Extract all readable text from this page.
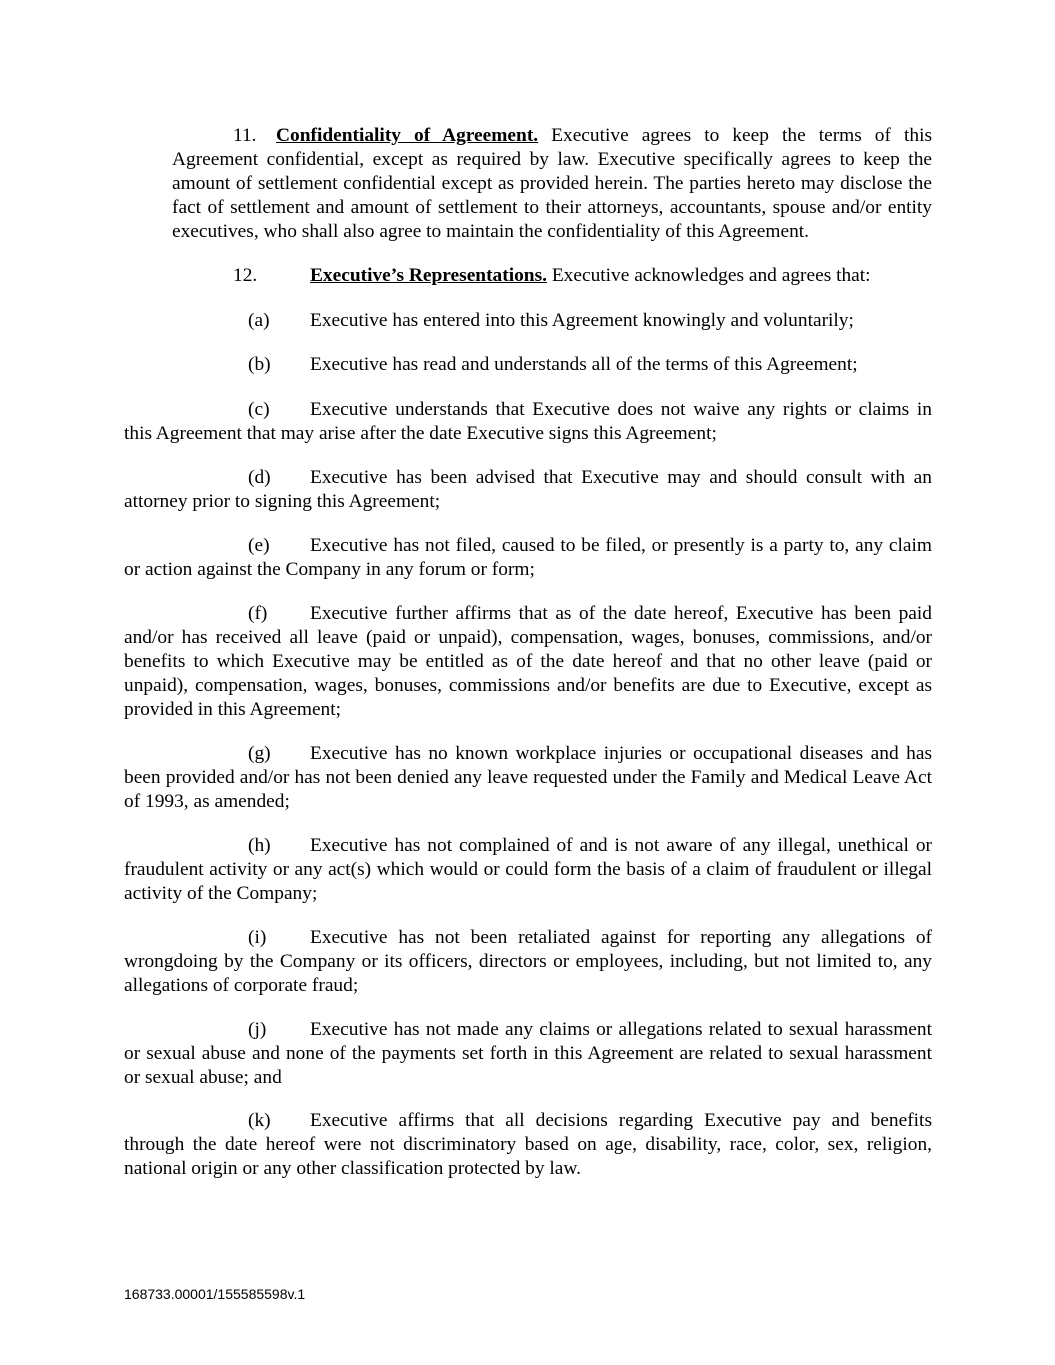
11. Confidentiality of Agreement. Executive agrees to keep the terms of this Agreement confidential, except as required by law. Executive specifically agrees to keep the amount of settlement confidential except as provided herein. The parties hereto may disclose the fact of settlement and amount of settlement to their attorneys, accountants, spouse and/or entity executives, who shall also agree to maintain the confidentiality of this Agreement.

12.	Executive’s Representations. Executive acknowledges and agrees that:

(a) Executive has entered into this Agreement knowingly and voluntarily;

(b) Executive has read and understands all of the terms of this Agreement;

(c) Executive understands that Executive does not waive any rights or claims in this Agreement that may arise after the date Executive signs this Agreement;

(d) Executive has been advised that Executive may and should consult with an attorney prior to signing this Agreement;

(e) Executive has not filed, caused to be filed, or presently is a party to, any claim or action against the Company in any forum or form;

(f) Executive further affirms that as of the date hereof, Executive has been paid and/or has received all leave (paid or unpaid), compensation, wages, bonuses, commissions, and/or benefits to which Executive may be entitled as of the date hereof and that no other leave (paid or unpaid), compensation, wages, bonuses, commissions and/or benefits are due to Executive, except as provided in this Agreement;

(g) Executive has no known workplace injuries or occupational diseases and has been provided and/or has not been denied any leave requested under the Family and Medical Leave Act of 1993, as amended;

(h) Executive has not complained of and is not aware of any illegal, unethical or fraudulent activity or any act(s) which would or could form the basis of a claim of fraudulent or illegal activity of the Company;

(i) Executive has not been retaliated against for reporting any allegations of wrongdoing by the Company or its officers, directors or employees, including, but not limited to, any allegations of corporate fraud;

(j) Executive has not made any claims or allegations related to sexual harassment or sexual abuse and none of the payments set forth in this Agreement are related to sexual harassment or sexual abuse; and

(k) Executive affirms that all decisions regarding Executive pay and benefits through the date hereof were not discriminatory based on age, disability, race, color, sex, religion, national origin or any other classification protected by law.

168733.00001/155585598v.1
